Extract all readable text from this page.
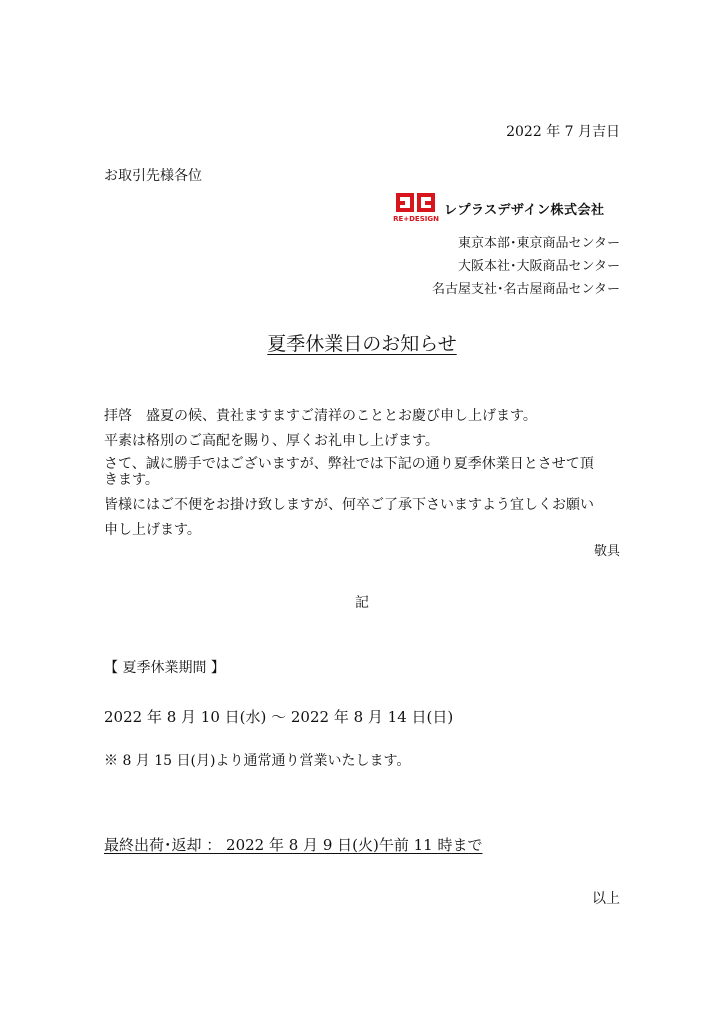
2022 年 7 月吉日
お取引先様各位
RE+DESIGN
レプラスデザイン株式会社
東京本部･東京商品センター
大阪本社･大阪商品センター
名古屋支社･名古屋商品センター
夏季休業日のお知らせ
拝啓　盛夏の候、貴社ますますご清祥のこととお慶び申し上げます。
平素は格別のご高配を賜り、厚くお礼申し上げます。
さて、誠に勝手ではございますが、弊社では下記の通り夏季休業日とさせて頂
きます。
皆様にはご不便をお掛け致しますが、何卒ご了承下さいますよう宜しくお願い
申し上げます。
敬具
記
【 夏季休業期間 】
2022 年 8 月 10 日(水) ～ 2022 年 8 月 14 日(日)
※ 8 月 15 日(月)より通常通り営業いたします。
最終出荷･返却 ： 2022 年 8 月 9 日(火)午前 11 時まで
以上
